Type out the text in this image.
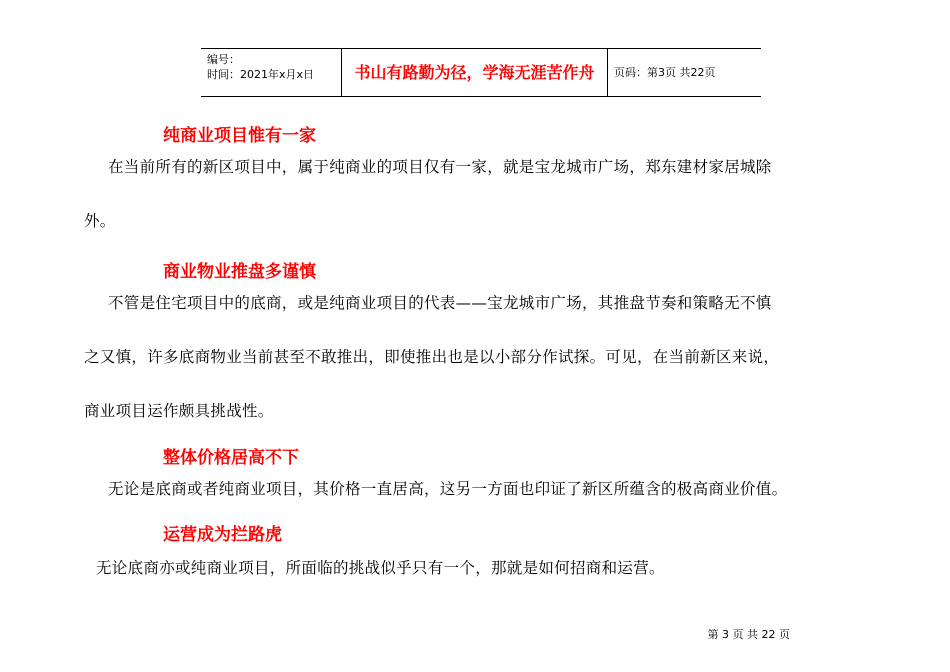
编号：
时间：2021年x月x日	书山有路勤为径，学海无涯苦作舟	页码：第3页 共22页
纯商业项目惟有一家
在当前所有的新区项目中，属于纯商业的项目仅有一家，就是宝龙城市广场，郑东建材家居城除
外。
商业物业推盘多谨慎
不管是住宅项目中的底商，或是纯商业项目的代表——宝龙城市广场，其推盘节奏和策略无不慎
之又慎，许多底商物业当前甚至不敢推出，即使推出也是以小部分作试探。可见，在当前新区来说，
商业项目运作颇具挑战性。
整体价格居高不下
无论是底商或者纯商业项目，其价格一直居高，这另一方面也印证了新区所蕴含的极高商业价值。
运营成为拦路虎
无论底商亦或纯商业项目，所面临的挑战似乎只有一个，那就是如何招商和运营。
第 3 页 共 22 页
